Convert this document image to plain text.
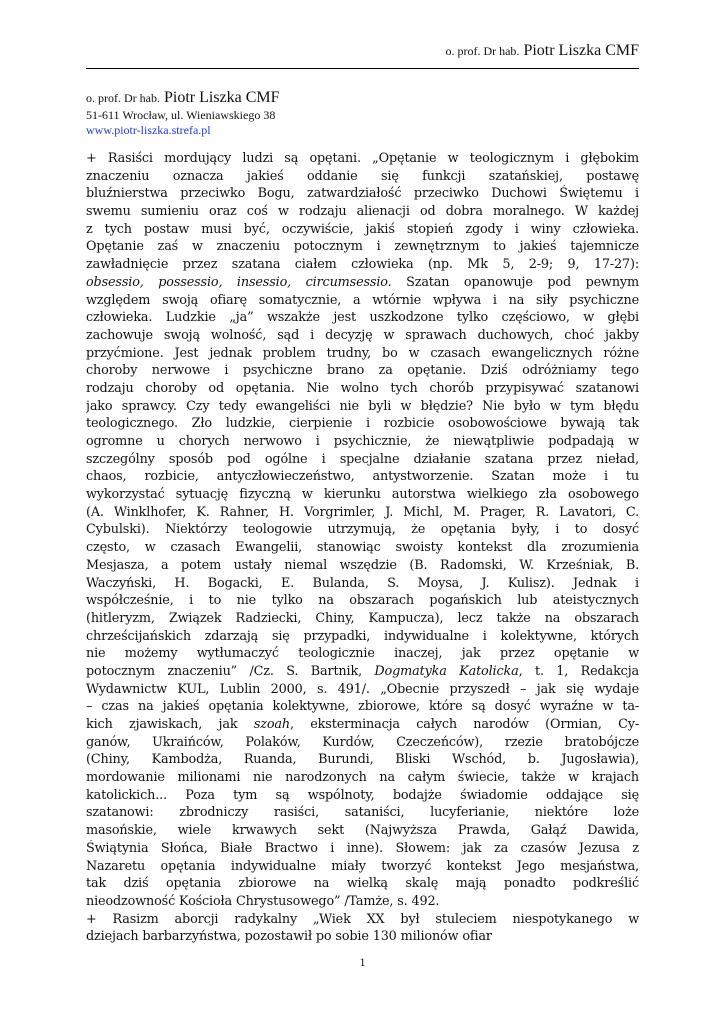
o. prof. Dr hab. Piotr Liszka CMF
o. prof. Dr hab. Piotr Liszka CMF
51-611 Wrocław, ul. Wieniawskiego 38
www.piotr-liszka.strefa.pl
+ Rasiści mordujący ludzi są opętani. „Opętanie w teologicznym i głębokim
znaczeniu oznacza jakieś oddanie się funkcji szatańskiej, postawę
bluźnierstwa przeciwko Bogu, zatwardziałość przeciwko Duchowi Świętemu i
swemu sumieniu oraz coś w rodzaju alienacji od dobra moralnego. W każdej
z tych postaw musi być, oczywiście, jakiś stopień zgody i winy człowieka.
Opętanie zaś w znaczeniu potocznym i zewnętrznym to jakieś tajemnicze
zawładnięcie przez szatana ciałem człowieka (np. Mk 5, 2-9; 9, 17-27):
obsessio, possessio, insessio, circumsessio. Szatan opanowuje pod pewnym
względem swoją ofiarę somatycznie, a wtórnie wpływa i na siły psychiczne
człowieka. Ludzkie „ja” wszakże jest uszkodzone tylko częściowo, w głębi
zachowuje swoją wolność, sąd i decyzję w sprawach duchowych, choć jakby
przyćmione. Jest jednak problem trudny, bo w czasach ewangelicznych różne
choroby nerwowe i psychiczne brano za opętanie. Dziś odróżniamy tego
rodzaju choroby od opętania. Nie wolno tych chorób przypisywać szatanowi
jako sprawcy. Czy tedy ewangeliści nie byli w błędzie? Nie było w tym błędu
teologicznego. Zło ludzkie, cierpienie i rozbicie osobowościowe bywają tak
ogromne u chorych nerwowo i psychicznie, że niewątpliwie podpadają w
szczególny sposób pod ogólne i specjalne działanie szatana przez nieład,
chaos, rozbicie, antyczłowieczeństwo, antystworzenie. Szatan może i tu
wykorzystać sytuację fizyczną w kierunku autorstwa wielkiego zła osobowego
(A. Winklhofer, K. Rahner, H. Vorgrimler, J. Michl, M. Prager, R. Lavatori, C.
Cybulski). Niektórzy teologowie utrzymują, że opętania były, i to dosyć
często, w czasach Ewangelii, stanowiąc swoisty kontekst dla zrozumienia
Mesjasza, a potem ustały niemal wszędzie (B. Radomski, W. Krześniak, B.
Waczyński, H. Bogacki, E. Bulanda, S. Moysa, J. Kulisz). Jednak i
współcześnie, i to nie tylko na obszarach pogańskich lub ateistycznych
(hitleryzm, Związek Radziecki, Chiny, Kampucza), lecz także na obszarach
chrześcijańskich zdarzają się przypadki, indywidualne i kolektywne, których
nie możemy wytłumaczyć teologicznie inaczej, jak przez opętanie w
potocznym znaczeniu” /Cz. S. Bartnik, Dogmatyka Katolicka, t. 1, Redakcja
Wydawnictw KUL, Lublin 2000, s. 491/. „Obecnie przyszedł – jak się wydaje
– czas na jakieś opętania kolektywne, zbiorowe, które są dosyć wyraźne w ta-
kich zjawiskach, jak szoah, eksterminacja całych narodów (Ormian, Cy-
ganów, Ukraińców, Polaków, Kurdów, Czeczeńców), rzezie bratobójcze
(Chiny, Kambodża, Ruanda, Burundi, Bliski Wschód, b. Jugosławia),
mordowanie milionami nie narodzonych na całym świecie, także w krajach
katolickich... Poza tym są wspólnoty, bodajże świadomie oddające się
szatanowi: zbrodniczy rasiści, sataniści, lucyferianie, niektóre loże
masońskie, wiele krwawych sekt (Najwyższa Prawda, Gałąź Dawida,
Świątynia Słońca, Białe Bractwo i inne). Słowem: jak za czasów Jezusa z
Nazaretu opętania indywidualne miały tworzyć kontekst Jego mesjaństwa,
tak dziś opętania zbiorowe na wielką skalę mają ponadto podkreślić
nieodzowność Kościoła Chrystusowego” /Tamże, s. 492.
+ Rasizm aborcji radykalny „Wiek XX był stuleciem niespotykanego w
dziejach barbarzyństwa, pozostawił po sobie 130 milionów ofiar
1
